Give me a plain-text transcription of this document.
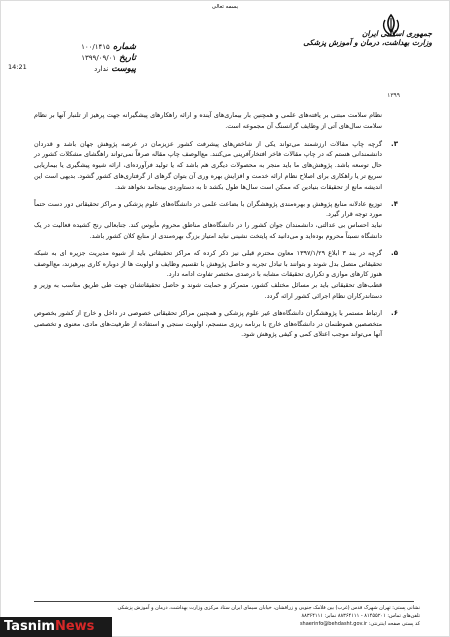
بسمه تعالی
جمهوری اسلامی ایران
وزارت بهداشت، درمان و آموزش پزشکی
شماره
۱۰۰/۱۴۱۵
تاریخ
۱۳۹۹/۰۹/۰۱
پیوست
ندارد
14:21
۱۳۹۹

نظام سلامت مبتنی بر یافته‌های علمی و همچنین بار بیماری‌های آینده و ارائه راهکارهای پیشگیرانه جهت پرهیز از تلنبار آنها بر نظام سلامت سال‌های آتی از وظایف گرانسنگ آن مجموعه است.

۳.

گرچه چاپ مقالات ارزشمند می‌تواند یکی از شاخص‌های پیشرفت کشور عزیزمان در عرصه پژوهش جهان باشد و قدردان دانشمندانی هستم که در چاپ مقالات فاخر افتخارآفرینی می‌کنند. مع‌الوصف چاپ مقاله صرفاً نمی‌تواند راهگشای مشکلات کشور در حال توسعه باشد. پژوهش‌های ما باید منجر به محصولات دیگری هم باشد که یا تولید فرآورده‌ای، ارائه شیوه پیشگیری یا بیماریابی سریع تر یا راهکاری برای اصلاح نظام ارائه خدمت و افزایش بهره وری آن بتوان گرهای از گرفتاری‌های کشور گشود. بدیهی است این اندیشه مانع از تحقیقات بنیادین که ممکن است سال‌ها طول بکشد تا به دستاوردی بینجامد نخواهد شد.

۴.

توزیع عادلانه منابع پژوهش و بهره‌مندی پژوهشگران با بضاعت علمی در دانشگاه‌های علوم پزشکی و مراکز تحقیقاتی دور دست حتماً مورد توجه قرار گیرد.

نباید احساس بی عدالتی، دانشمندان جوان کشور را در دانشگاه‌های مناطق محروم مأیوس کند. جنابعالی رنج کشیده فعالیت در یک دانشگاه نسبتاً محروم بوده‌اید و می‌دانید که پایتخت نشینی نباید امتیاز بزرگ بهره‌مندی از منابع کلان کشور باشد.

۵.

گرچه در بند ۳ ابلاغ ۱۳۹۷/۱/۲۹ معاون محترم قبلی نیز ذکر کرده که مراکز تحقیقاتی باید از شیوه مدیریت جزیره ای به شبکه تحقیقاتی متصل بدل شوند و بتوانند با تبادل تجربه و حاصل پژوهش با تقسیم وظایف و اولویت ها از دوباره کاری بپرهیزند، مع‌الوصف هنوز کارهای موازی و تکراری تحقیقات مشابه با درصدی مختصر تفاوت ادامه دارد.

قطب‌های تحقیقاتی باید بر مسائل مختلف کشور، متمرکز و حمایت شوند و حاصل تحقیقاتشان جهت طی طریق مناسب به وزیر و دستاندرکاران نظام اجرائی کشور ارائه گردد.

۶.

ارتباط مستمر با پژوهشگران دانشگاه‌های غیر علوم پزشکی و همچنین مراکز تحقیقاتی خصوصی در داخل و خارج از کشور بخصوص متخصصین هموطنمان در دانشگاه‌های خارج با برنامه ریزی منسجم، اولویت سنجی و استفاده از ظرفیت‌های مادی، معنوی و تخصصی آنها می‌تواند موجب اعتلای کمی و کیفی پژوهش شود.

نشانی پستی: تهران شهرک قدس (غرب) بین فلامک جنوبی و زرافشان، خیابان سیمای ایران ستاد مرکزی وزارت بهداشت، درمان و آموزش پزشکی
تلفن‌های تماس: ۸۱۴۵۵۲۰۱ - ۸۸۳۶۴۱۱۱ نمابر: ۸۸۳۶۴۱۱۱
کد پستی صفحه اینترنتی: shaerinfo@behdasht.gov.ir
TasnimNews
